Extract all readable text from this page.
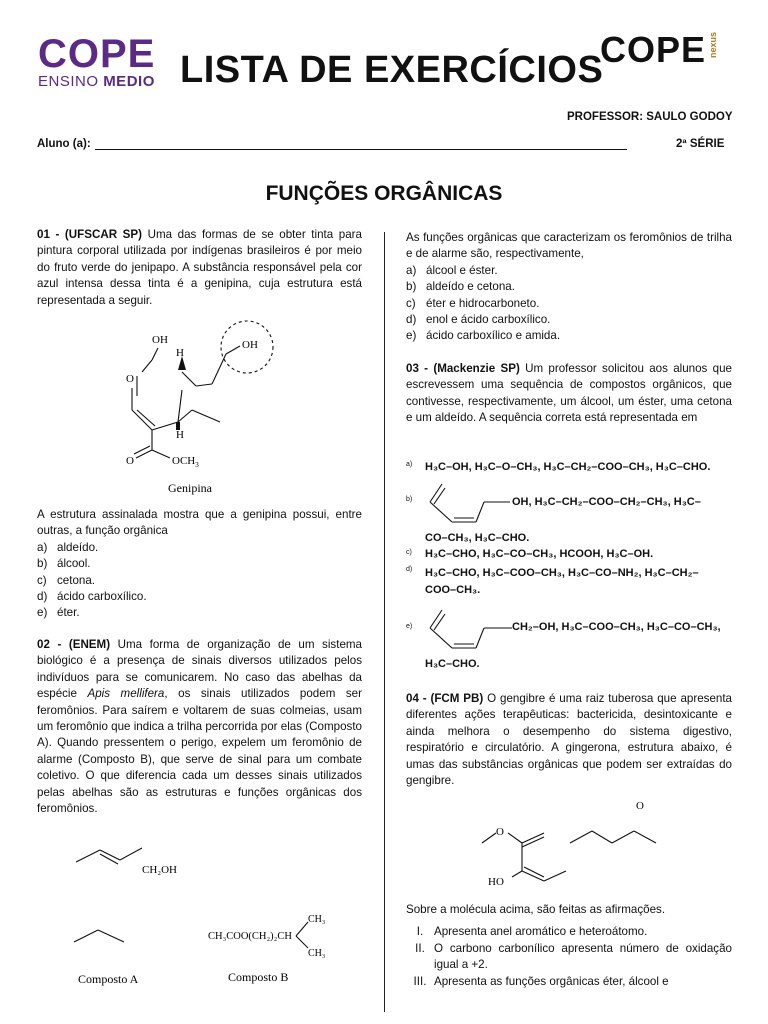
COPE
ENSINO MEDIO LISTA DE EXERCÍCIOS
COPE nexus
PROFESSOR: SAULO GODOY
Aluno (a):	2ª SÉRIE
FUNÇÕES ORGÂNICAS

01 - (UFSCAR SP) Uma das formas de se obter tinta para pintura corporal utilizada por indígenas brasileiros é por meio do fruto verde do jenipapo. A substância responsável pela cor azul intensa dessa tinta é a genipina, cuja estrutura está representada a seguir.

OH	OH
H
H
O
O	$OCH_3$
Genipina

A estrutura assinalada mostra que a genipina possui, entre outras, a função orgânica

a) aldeído.
b) álcool.
c) cetona.
d) ácido carboxílico.
e) éter.

02 - (ENEM) Uma forma de organização de um sistema biológico é a presença de sinais diversos utilizados pelos indivíduos para se comunicarem. No caso das abelhas da espécie Apis mellifera, os sinais utilizados podem ser feromônios. Para saírem e voltarem de suas colmeias, usam um feromônio que indica a trilha percorrida por elas (Composto A). Quando pressentem o perigo, expelem um feromônio de alarme (Composto B), que serve de sinal para um combate coletivo. O que diferencia cada um desses sinais utilizados pelas abelhas são as estruturas e funções orgânicas dos feromônios.

CH₂OH
CH₃COO(CH₂)₂CH
CH₃
CH₃
Composto A	Composto B

As funções orgânicas que caracterizam os feromônios de trilha e de alarme são, respectivamente,

a) álcool e éster.
b) aldeído e cetona.
c) éter e hidrocarboneto.
d) enol e ácido carboxílico.
e) ácido carboxílico e amida.

03 - (Mackenzie SP) Um professor solicitou aos alunos que escrevessem uma sequência de compostos orgânicos, que contivesse, respectivamente, um álcool, um éster, uma cetona e um aldeído. A sequência correta está representada em

a) H₃C–OH, H₃C–O–CH₃, H₃C–CH₂–COO–CH₃, H₃C–CHO.
b)	OH, H₃C–CH₂–COO–CH₂–CH₃, H₃C–
CO–CH₃, H₃C–CHO.
c) H₃C–CHO, H₃C–CO–CH₃, HCOOH, H₃C–OH.
d) H₃C–CHO, H₃C–COO–CH₃, H₃C–CO–NH₂, H₃C–CH₂–
COO–CH₃.
e)	CH₂–OH, H₃C–COO–CH₃, H₃C–CO–CH₃,
H₃C–CHO.

04 - (FCM PB) O gengibre é uma raiz tuberosa que apresenta diferentes ações terapêuticas: bactericida, desintoxicante e ainda melhora o desempenho do sistema digestivo, respiratório e circulatório. A gingerona, estrutura abaixo, é umas das substâncias orgânicas que podem ser extraídas do gengibre.

O
O
HO

Sobre a molécula acima, são feitas as afirmações.

I. Apresenta anel aromático e heteroátomo.
II. O carbono carbonílico apresenta número de oxidação igual a +2.
III. Apresenta as funções orgânicas éter, álcool e
